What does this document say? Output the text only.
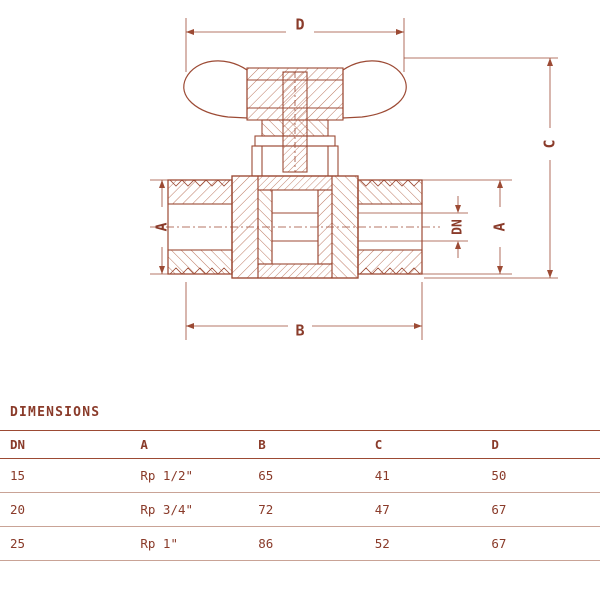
D
B
C
A	A
DN
DIMENSIONS
DN	A	B	C	D
15	Rp 1/2"	65	41	50
20	Rp 3/4"	72	47	67
25	Rp 1"	86	52	67
